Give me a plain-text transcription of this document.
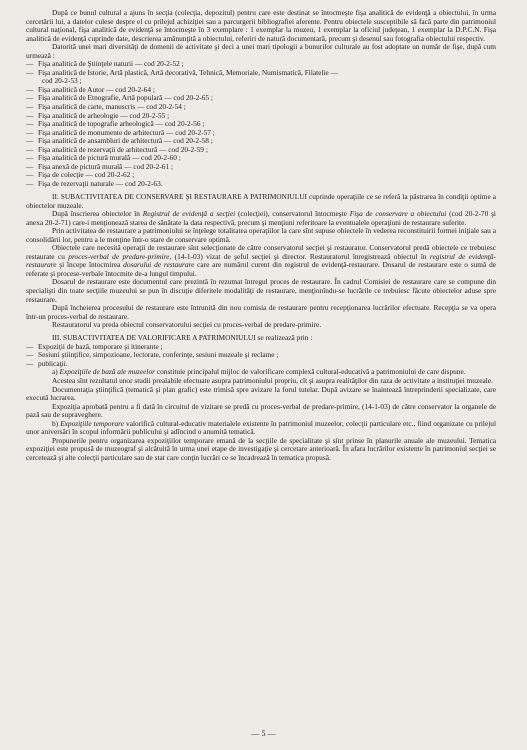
După ce bunul cultural a ajuns în secţia (colecţia, depozitul) pentru care este destinat se întocmeşte fişa analitică de evidenţă a obiectului, în urma cercetării lui, a datelor culese despre el cu prilejul achiziţiei sau a parcurgerii bibliografiei aferente. Pentru obiectele susceptibile să facă parte din patrimoniul cultural naţional, fişa analitică de evidenţă se întocmeşte în 3 exemplare : 1 exemplar la muzeu, 1 exemplar la oficiul judeţean, 1 exemplar la D.P.C.N. Fişa analitică de evidenţă cuprinde date, descrierea amănunţită a obiectului, referiri de natură documentară, precum şi desenul sau fotografia obiectului respectiv.

Datorită unei mari diversităţi de domenii de activitate şi deci a unei mari tipologii a bunurilor culturale au fost adoptate un număr de fişe, după cum urmează :

— Fişa analitică de Ştiinţele naturii — cod 20-2-52 ;
— Fişa analitică de Istorie, Artă plastică, Artă decorativă, Tehnică, Memoriale, Numismatică, Filatelie —
cod 20-2-53 ;
— Fişa analitică de Autor — cod 20-2-64 ;
— Fişa analitică de Etnografie, Artă populară — cod 20-2-65 ;
— Fişa analitică de carte, manuscris — cod 20-2-54 ;
— Fişa analitică de arheologie — cod 20-2-55 ;
— Fişa analitică de topografie arheologică — cod 20-2-56 ;
— Fişa analitică de monumente de arhitectură — cod 20-2-57 ;
— Fişa analitică de ansambluri de arhitectură — cod 20-2-58 ;
— Fişa analitică de rezervaţii de arhitectură — cod 20-2-59 ;
— Fişa analitică de pictură murală — cod 20-2-60 ;
— Fişa anexă de pictură murală — cod 20-2-61 ;
— Fişa de colecţie — cod 20-2-62 ;
— Fişa de rezervaţii naturale — cod 20-2-63.
II. SUBACTIVITATEA DE CONSERVARE ŞI RESTAURARE A PATRIMONIULUI cuprinde operaţiile ce se referă la păstrarea în condiţii optime a obiectelor muzeale.

După înscrierea obiectelor în Registrul de evidenţă a secţiei (colecţiei), conservatorul întocmeşte Fişa de conservare a obiectului (cod 20-2-70 şi anexa 20-2-71) care-i menţionează starea de sănătate la data respectivă, precum şi menţiuni referitoare la eventualele operaţiuni de restaurare suferite.

Prin activitatea de restaurare a patrimoniului se înţelege totalitatea operaţiilor la care sînt supuse obiectele în vederea reconstituirii formei iniţiale sau a consolidării lor, pentru a le menţine într-o stare de conservare optimă.

Obiectele care necesită operaţii de restaurare sînt selecţionate de către conservatorul secţiei şi restaurator. Conservatorul predă obiectele ce trebuiesc restaurate cu proces-verbal de predare-primire, (14-1-03) vizat de şeful secţiei şi director. Restauratorul înregistrează obiectul în registrul de evidenţă-restaurare şi începe întocmirea dosarului de restaurare care are numărul curent din registrul de evidenţă-restaurare. Dosarul de restaurare este o sumă de referate şi procese-verbale întocmite de-a lungul timpului.

Dosarul de restaurare este documentul care prezintă în rezumat întregul proces de restaurare. În cadrul Comisiei de restaurare care se compune din specialişti din toate secţiile muzeului se pun în discuţie diferitele modalităţi de restaurare, menţionîndu-se lucrările ce trebuiesc făcute obiectelor aduse spre restaurare.

După încheierea procesului de restaurare este întrunită din nou comisia de restaurare pentru recepţionarea lucrărilor efectuate. Recepţia se va opera într-un proces-verbal de restaurare.

Restauratorul va preda obiectul conservatorului secţiei cu proces-verbal de predare-primire.

III. SUBACTIVITATEA DE VALORIFICARE A PATRIMONIULUI se realizează prin :
— Expoziţii de bază, temporare şi itinerante ;
— Sesiuni ştiinţifice, simpozioane, lectorate, conferinţe, sesiuni muzeale şi reclame ;
— publicaţii.

a) Expoziţiile de bază ale muzeelor constituie principalul mijloc de valorificare complexă cultural-educativă a patrimoniului de care dispune.

Acestea sînt rezultatul unor studii prealabile efectuate asupra patrimoniului propriu, cît şi asupra realităţilor din raza de activitate a instituţiei muzeale.

Documentaţia ştiinţifică (tematică şi plan grafic) este trimisă spre avizare la forul tutelar. După avizare se înaintează întreprinderii specializate, care execută lucrarea.

Expoziţia aprobată pentru a fi dată în circuitul de vizitare se predă cu proces-verbal de predare-primire, (14-1-03) de către conservator la organele de pază sau de supraveghere.

b) Expoziţiile temporare valorifică cultural-educativ materialele existente în patrimoniul muzeelor, colecţii particulare etc., fiind organizate cu prilejul unor aniversări în scopul informării publicului şi adîncind o anumită tematică.

Propunerile pentru organizarea expoziţiilor temporare emană de la secţiile de specialitate şi sînt prinse în planurile anuale ale muzeului. Tematica expoziţiei este propusă de muzeograf şi alcătuită în urma unei etape de investigaţie şi cercetare anterioară. În afara lucrărilor existente în patrimoniul secţiei se cercetează şi alte colecţii particulare sau de stat care conţin lucrări ce se încadrează în tematica propusă.

— 5 —
